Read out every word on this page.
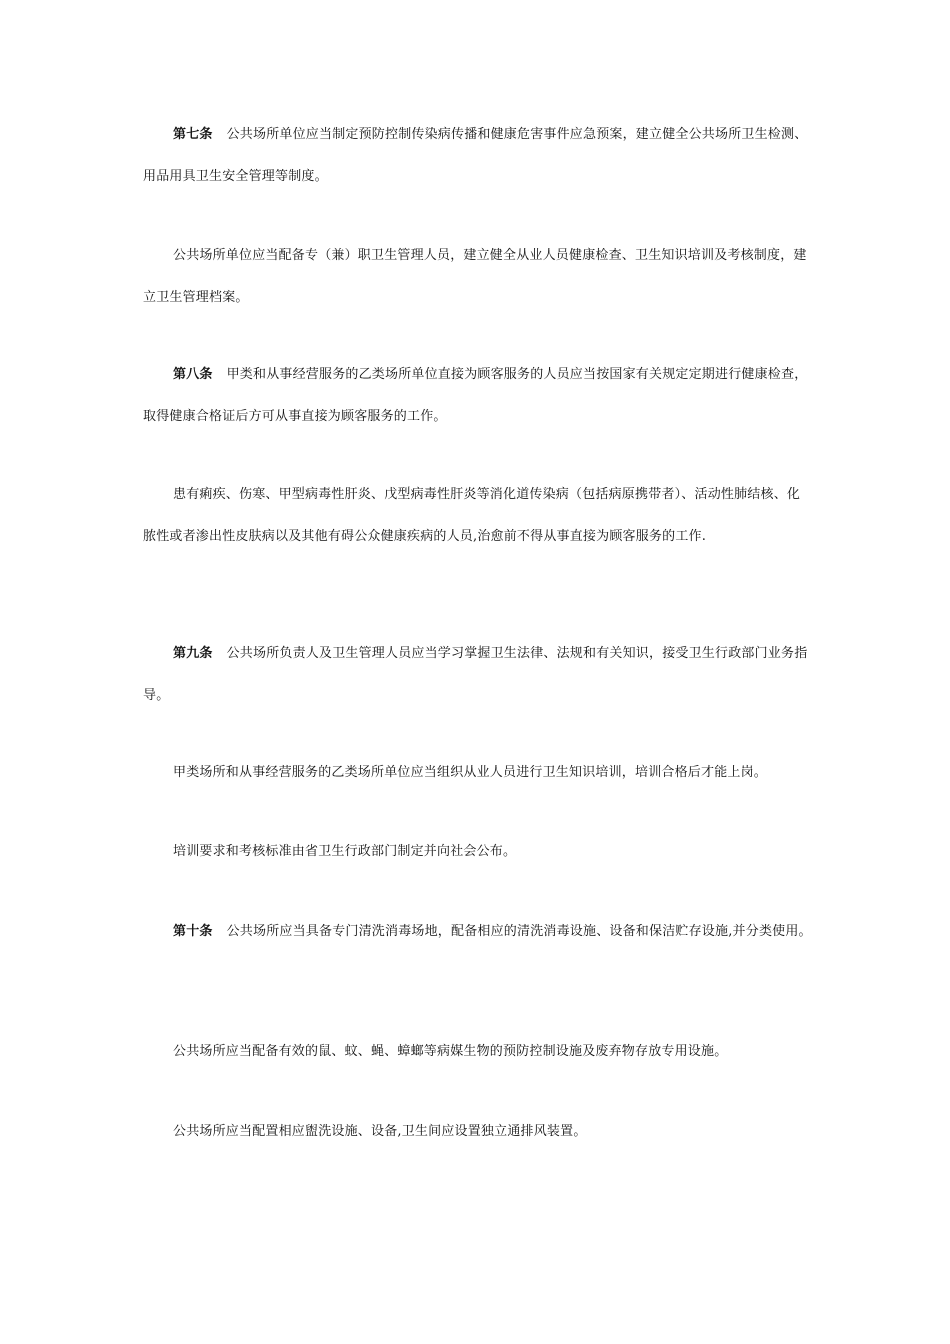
第七条 公共场所单位应当制定预防控制传染病传播和健康危害事件应急预案，建立健全公共场所卫生检测、用品用具卫生安全管理等制度。

公共场所单位应当配备专（兼）职卫生管理人员，建立健全从业人员健康检查、卫生知识培训及考核制度，建立卫生管理档案。

第八条 甲类和从事经营服务的乙类场所单位直接为顾客服务的人员应当按国家有关规定定期进行健康检查，取得健康合格证后方可从事直接为顾客服务的工作。

患有痢疾、伤寒、甲型病毒性肝炎、戊型病毒性肝炎等消化道传染病（包括病原携带者）、活动性肺结核、化脓性或者渗出性皮肤病以及其他有碍公众健康疾病的人员,治愈前不得从事直接为顾客服务的工作.

第九条 公共场所负责人及卫生管理人员应当学习掌握卫生法律、法规和有关知识，接受卫生行政部门业务指导。

甲类场所和从事经营服务的乙类场所单位应当组织从业人员进行卫生知识培训，培训合格后才能上岗。

培训要求和考核标准由省卫生行政部门制定并向社会公布。

第十条 公共场所应当具备专门清洗消毒场地，配备相应的清洗消毒设施、设备和保洁贮存设施,并分类使用。

公共场所应当配备有效的鼠、蚊、蝇、蟑螂等病媒生物的预防控制设施及废弃物存放专用设施。

公共场所应当配置相应盥洗设施、设备,卫生间应设置独立通排风装置。
